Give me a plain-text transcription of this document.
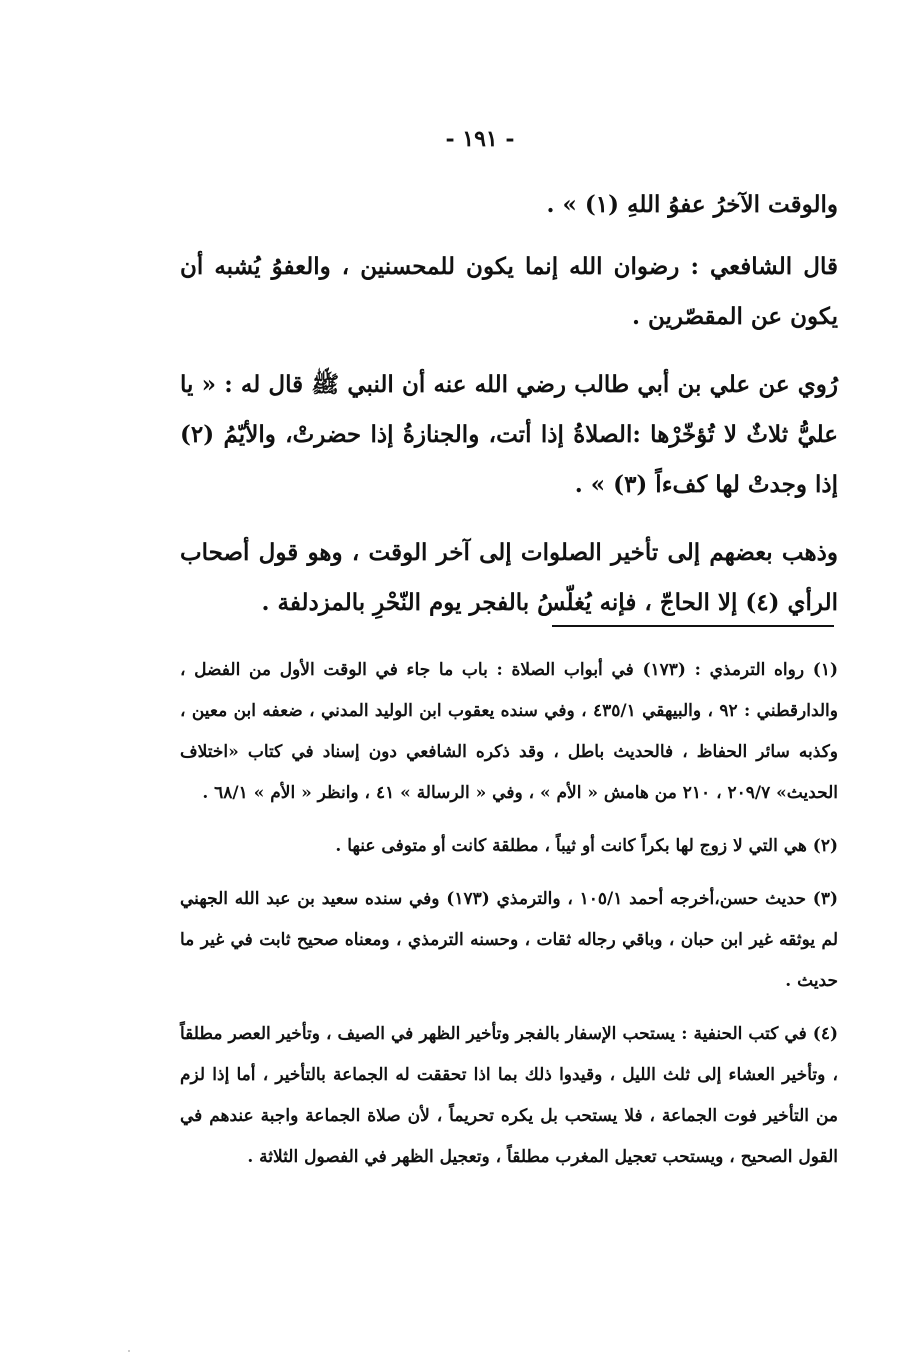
- ١٩١ -

والوقت الآخرُ عفوُ اللهِ (١) » .

قال الشافعي : رضوان الله إنما يكون للمحسنين ، والعفوُ يُشبه أن يكون عن المقصّرين .

رُوي عن علي بن أبي طالب رضي الله عنه أن النبي ﷺ قال له : « يا عليُّ ثلاثٌ لا تُؤخّرْها :الصلاةُ إذا أتت، والجنازةُ إذا حضرتْ، والأيّمُ (٢) إذا وجدتْ لها كفءاً (٣) » .

وذهب بعضهم إلى تأخير الصلوات إلى آخر الوقت ، وهو قول أصحاب الرأي (٤) إلا الحاجّ ، فإنه يُغلّسُ بالفجر يوم النّحْرِ بالمزدلفة .

(١) رواه الترمذي : (١٧٣) في أبواب الصلاة : باب ما جاء في الوقت الأول من الفضل ، والدارقطني : ٩٢ ، والبيهقي ٤٣٥/١ ، وفي سنده يعقوب ابن الوليد المدني ، ضعفه ابن معين ، وكذبه سائر الحفاظ ، فالحديث باطل ، وقد ذكره الشافعي دون إسناد في كتاب «اختلاف الحديث» ٢٠٩/٧ ، ٢١٠ من هامش « الأم » ، وفي « الرسالة » ٤١ ، وانظر « الأم » ٦٨/١ .

(٢) هي التي لا زوج لها بكراً كانت أو ثيباً ، مطلقة كانت أو متوفى عنها .

(٣) حديث حسن،أخرجه أحمد ١٠٥/١ ، والترمذي (١٧٣) وفي سنده سعيد بن عبد الله الجهني لم يوثقه غير ابن حبان ، وباقي رجاله ثقات ، وحسنه الترمذي ، ومعناه صحيح ثابت في غير ما حديث .

(٤) في كتب الحنفية : يستحب الإسفار بالفجر وتأخير الظهر في الصيف ، وتأخير العصر مطلقاً ، وتأخير العشاء إلى ثلث الليل ، وقيدوا ذلك بما اذا تحققت له الجماعة بالتأخير ، أما إذا لزم من التأخير فوت الجماعة ، فلا يستحب بل يكره تحريماً ، لأن صلاة الجماعة واجبة عندهم في القول الصحيح ، ويستحب تعجيل المغرب مطلقاً ، وتعجيل الظهر في الفصول الثلاثة .
